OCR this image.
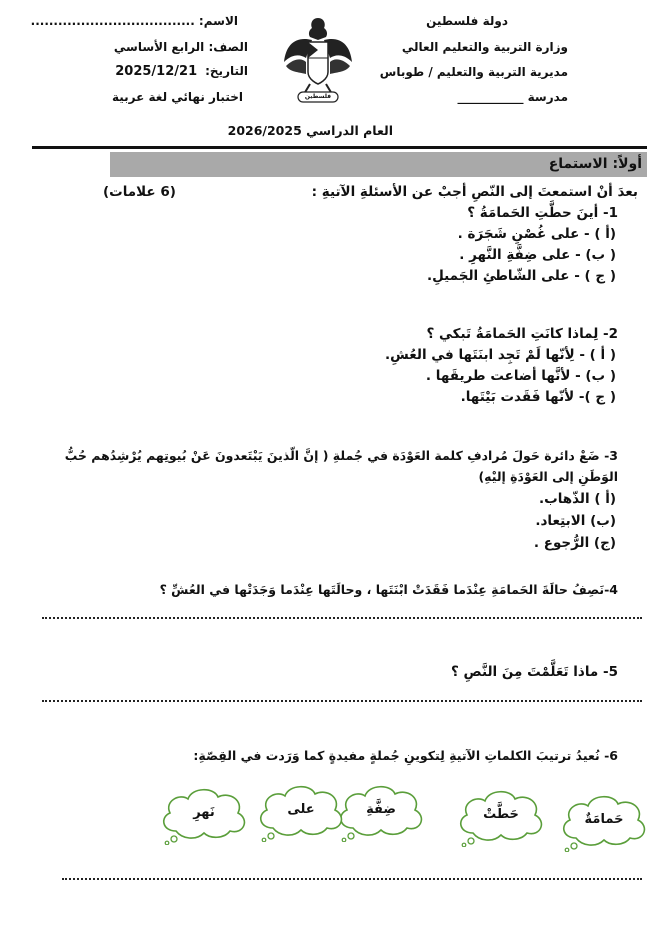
دولة فلسطين
وزارة التربية والتعليم العالي
مديرية التربية والتعليم / طوباس
مدرسة ___________
فلسطين
الاسم: ....................................
الصف: الرابع الأساسي
التاريخ:
2025/12/21
اختبار نهائي لغة عربية
العام الدراسي 2026/2025
أولاً: الاستماع
بعدَ أنْ استمعتَ إلى النّصِ أجبْ عن الأسئلةِ الآتيةِ :
(6 علامات)
1- أينَ حطَّتِ الحَمامَةُ ؟
(أ ) - على غُصْنِ شَجَرَة .
( ب) - على ضِفَّةِ النَّهرِ .
( ج ) - على الشّاطئِ الجَميلِ.
2- لِماذا كانَتِ الحَمامَةُ تَبكي ؟
( أ ) - لِأنّها لَمْ تَجِد ابنَتَها في العُشِ.
( ب) - لأنَّها أضاعت طريقَها .
( ج )- لأنّها فَقَدت بَيْتَها.
3- ضَعْ دائرة حَولَ مُرادفِ كلمة العَوْدَة في جُملةِ ( إنَّ الّذينَ يَبْتَعدونَ عَنْ بُيوتِهم يُرْشِدُهم حُبُّ
الوَطَنِ إلى العَوْدَةِ إليْهِ)
(أ ) الذّهاب.
(ب) الابتِعاد.
(ج) الرُّجوع .
4-نَصِفُ حالَةَ الحَمامَةِ عِنْدَما فَقَدَتْ ابْنَتَها ، وحالَتَها عِنْدَما وَجَدَتْها في العُشِّ ؟
5- ماذا تَعَلَّمْتَ مِنَ النَّصِ ؟
6- نُعيدُ ترتيبَ الكلماتِ الآتيةِ لِتكوينِ جُملةٍ مفيدةٍ كما وَرَدت في القِصّةِ:
حَمامَةٌ
حَطَّتْ
ضِفَّةِ
على
نَهرِ
